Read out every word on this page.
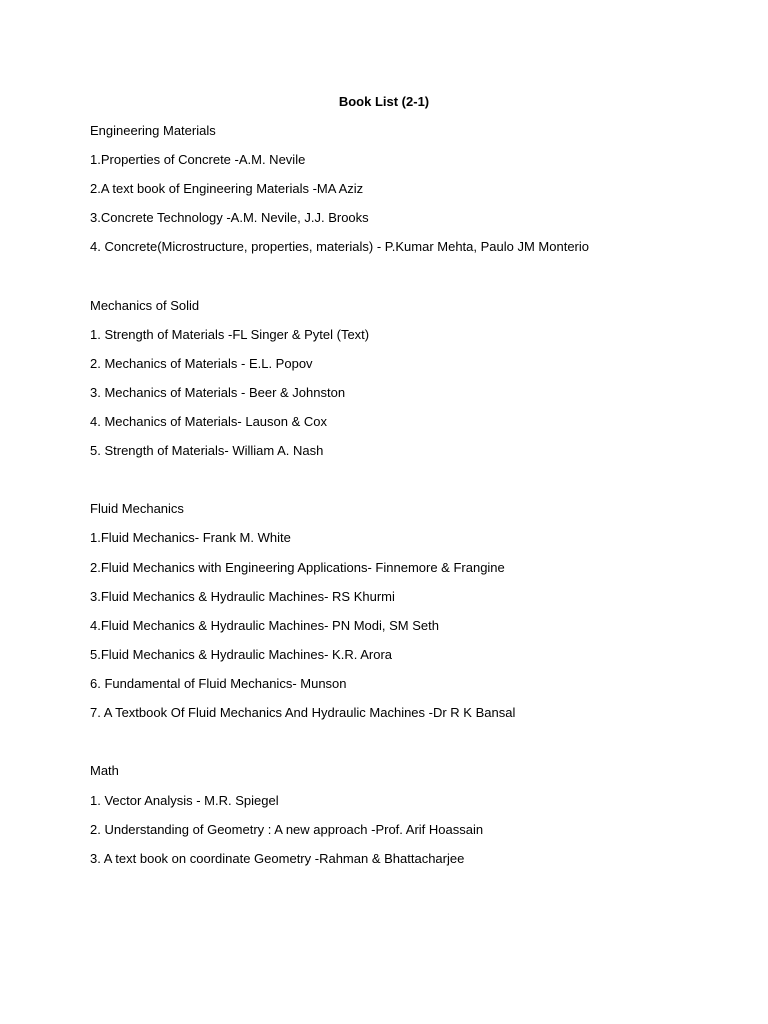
Book List (2-1)

Engineering Materials

1.Properties of Concrete -A.M. Nevile

2.A text book of Engineering Materials -MA Aziz

3.Concrete Technology -A.M. Nevile, J.J. Brooks

4. Concrete(Microstructure, properties, materials) - P.Kumar Mehta, Paulo JM Monterio

Mechanics of Solid

1. Strength of Materials -FL Singer & Pytel (Text)

2. Mechanics of Materials - E.L. Popov

3. Mechanics of Materials - Beer & Johnston

4. Mechanics of Materials- Lauson & Cox

5. Strength of Materials- William A. Nash

Fluid Mechanics

1.Fluid Mechanics- Frank M. White

2.Fluid Mechanics with Engineering Applications- Finnemore & Frangine

3.Fluid Mechanics & Hydraulic Machines- RS Khurmi

4.Fluid Mechanics & Hydraulic Machines- PN Modi, SM Seth

5.Fluid Mechanics & Hydraulic Machines- K.R. Arora

6. Fundamental of Fluid Mechanics- Munson

7. A Textbook Of Fluid Mechanics And Hydraulic Machines -Dr R K Bansal

Math

1. Vector Analysis - M.R. Spiegel

2. Understanding of Geometry : A new approach -Prof. Arif Hoassain

3. A text book on coordinate Geometry -Rahman & Bhattacharjee
